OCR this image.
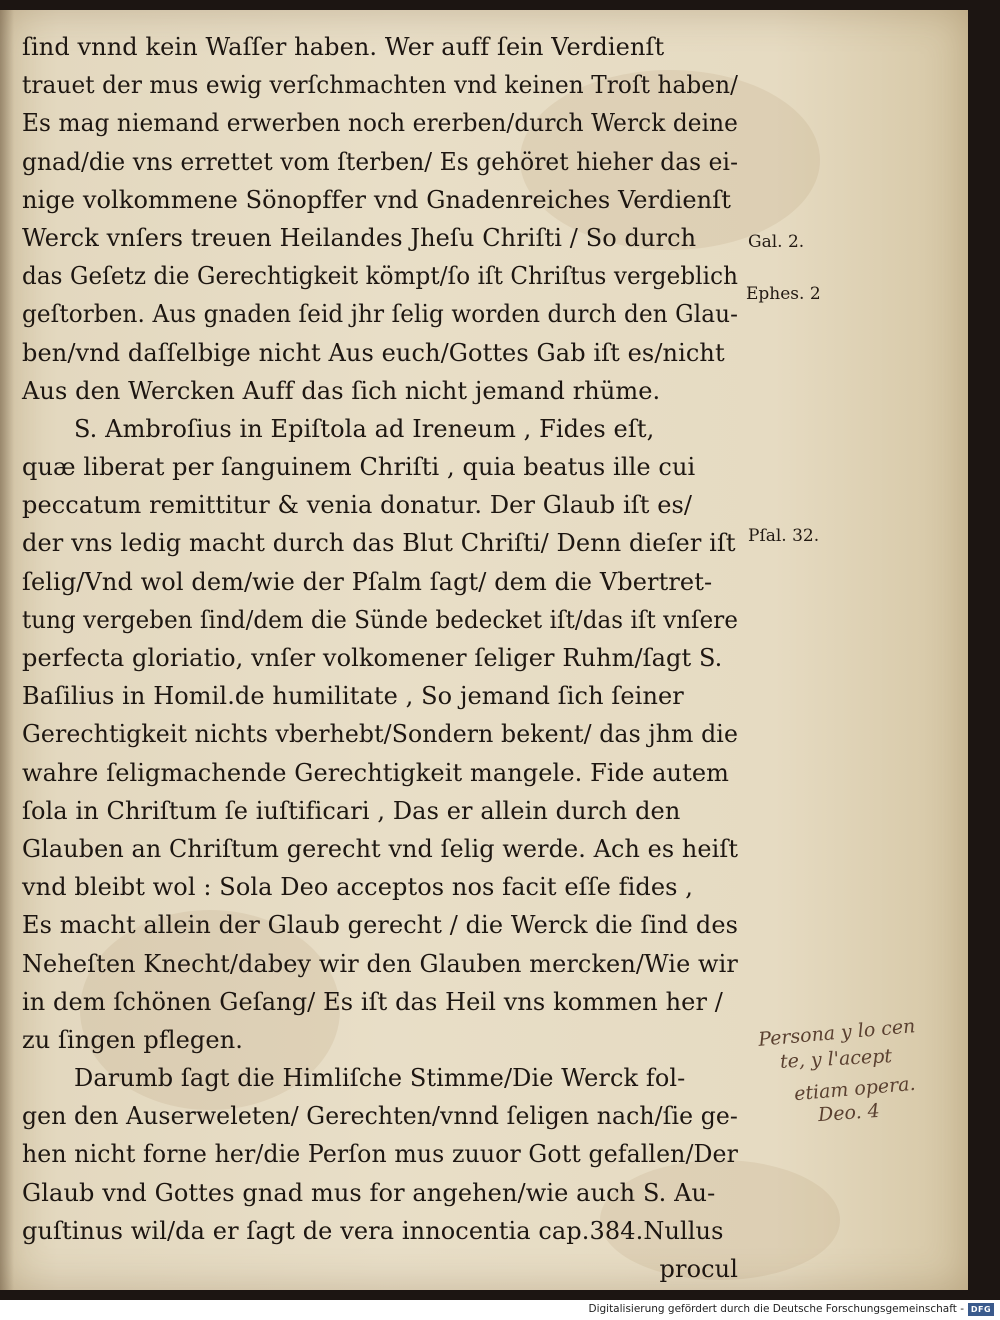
ſind vnnd kein Waſſer haben. Wer auff ſein Verdienſt
trauet der mus ewig verſchmachten vnd keinen Troſt haben/
Es mag niemand erwerben noch ererben/durch Werck deine
gnad/die vns errettet vom ſterben/ Es gehöret hieher das ei-
nige volkommene Sönopffer vnd Gnadenreiches Verdienſt
Werck vnſers treuen Heilandes Jheſu Chriſti / So durch
das Geſetz die Gerechtigkeit kömpt/ſo iſt Chriſtus vergeblich
geſtorben. Aus gnaden ſeid jhr ſelig worden durch den Glau-
ben/vnd daſſelbige nicht Aus euch/Gottes Gab iſt es/nicht
Aus den Wercken Auff das ſich nicht jemand rhüme.
S. Ambroſius in Epiſtola ad Ireneum , Fides eſt,
quæ liberat per ſanguinem Chriſti , quia beatus ille cui
peccatum remittitur & venia donatur. Der Glaub iſt es/
der vns ledig macht durch das Blut Chriſti/ Denn dieſer iſt
ſelig/Vnd wol dem/wie der Pſalm ſagt/ dem die Vbertret-
tung vergeben ſind/dem die Sünde bedecket iſt/das iſt vnſere
perfecta gloriatio, vnſer volkomener ſeliger Ruhm/ſagt S.
Baſilius in Homil.de humilitate , So jemand ſich ſeiner
Gerechtigkeit nichts vberhebt/Sondern bekent/ das jhm die
wahre ſeligmachende Gerechtigkeit mangele. Fide autem
ſola in Chriſtum ſe iuſtificari , Das er allein durch den
Glauben an Chriſtum gerecht vnd ſelig werde. Ach es heiſt
vnd bleibt wol : Sola Deo acceptos nos facit eſſe fides ,
Es macht allein der Glaub gerecht / die Werck die ſind des
Neheſten Knecht/dabey wir den Glauben mercken/Wie wir
in dem ſchönen Geſang/ Es iſt das Heil vns kommen her /
zu ſingen pflegen.
Darumb ſagt die Himliſche Stimme/Die Werck fol-
gen den Auserweleten/ Gerechten/vnnd ſeligen nach/ſie ge-
hen nicht forne her/die Perſon mus zuuor Gott gefallen/Der
Glaub vnd Gottes gnad mus for angehen/wie auch S. Au-
guſtinus wil/da er ſagt de vera innocentia cap.384.Nullus
procul
Gal. 2.
Ephes. 2
Pſal. 32.
Persona y lo cen
te, y l'acept
etiam opera.
Deo. 4
Digitalisierung gefördert durch die Deutsche Forschungsgemeinschaft - DFG
